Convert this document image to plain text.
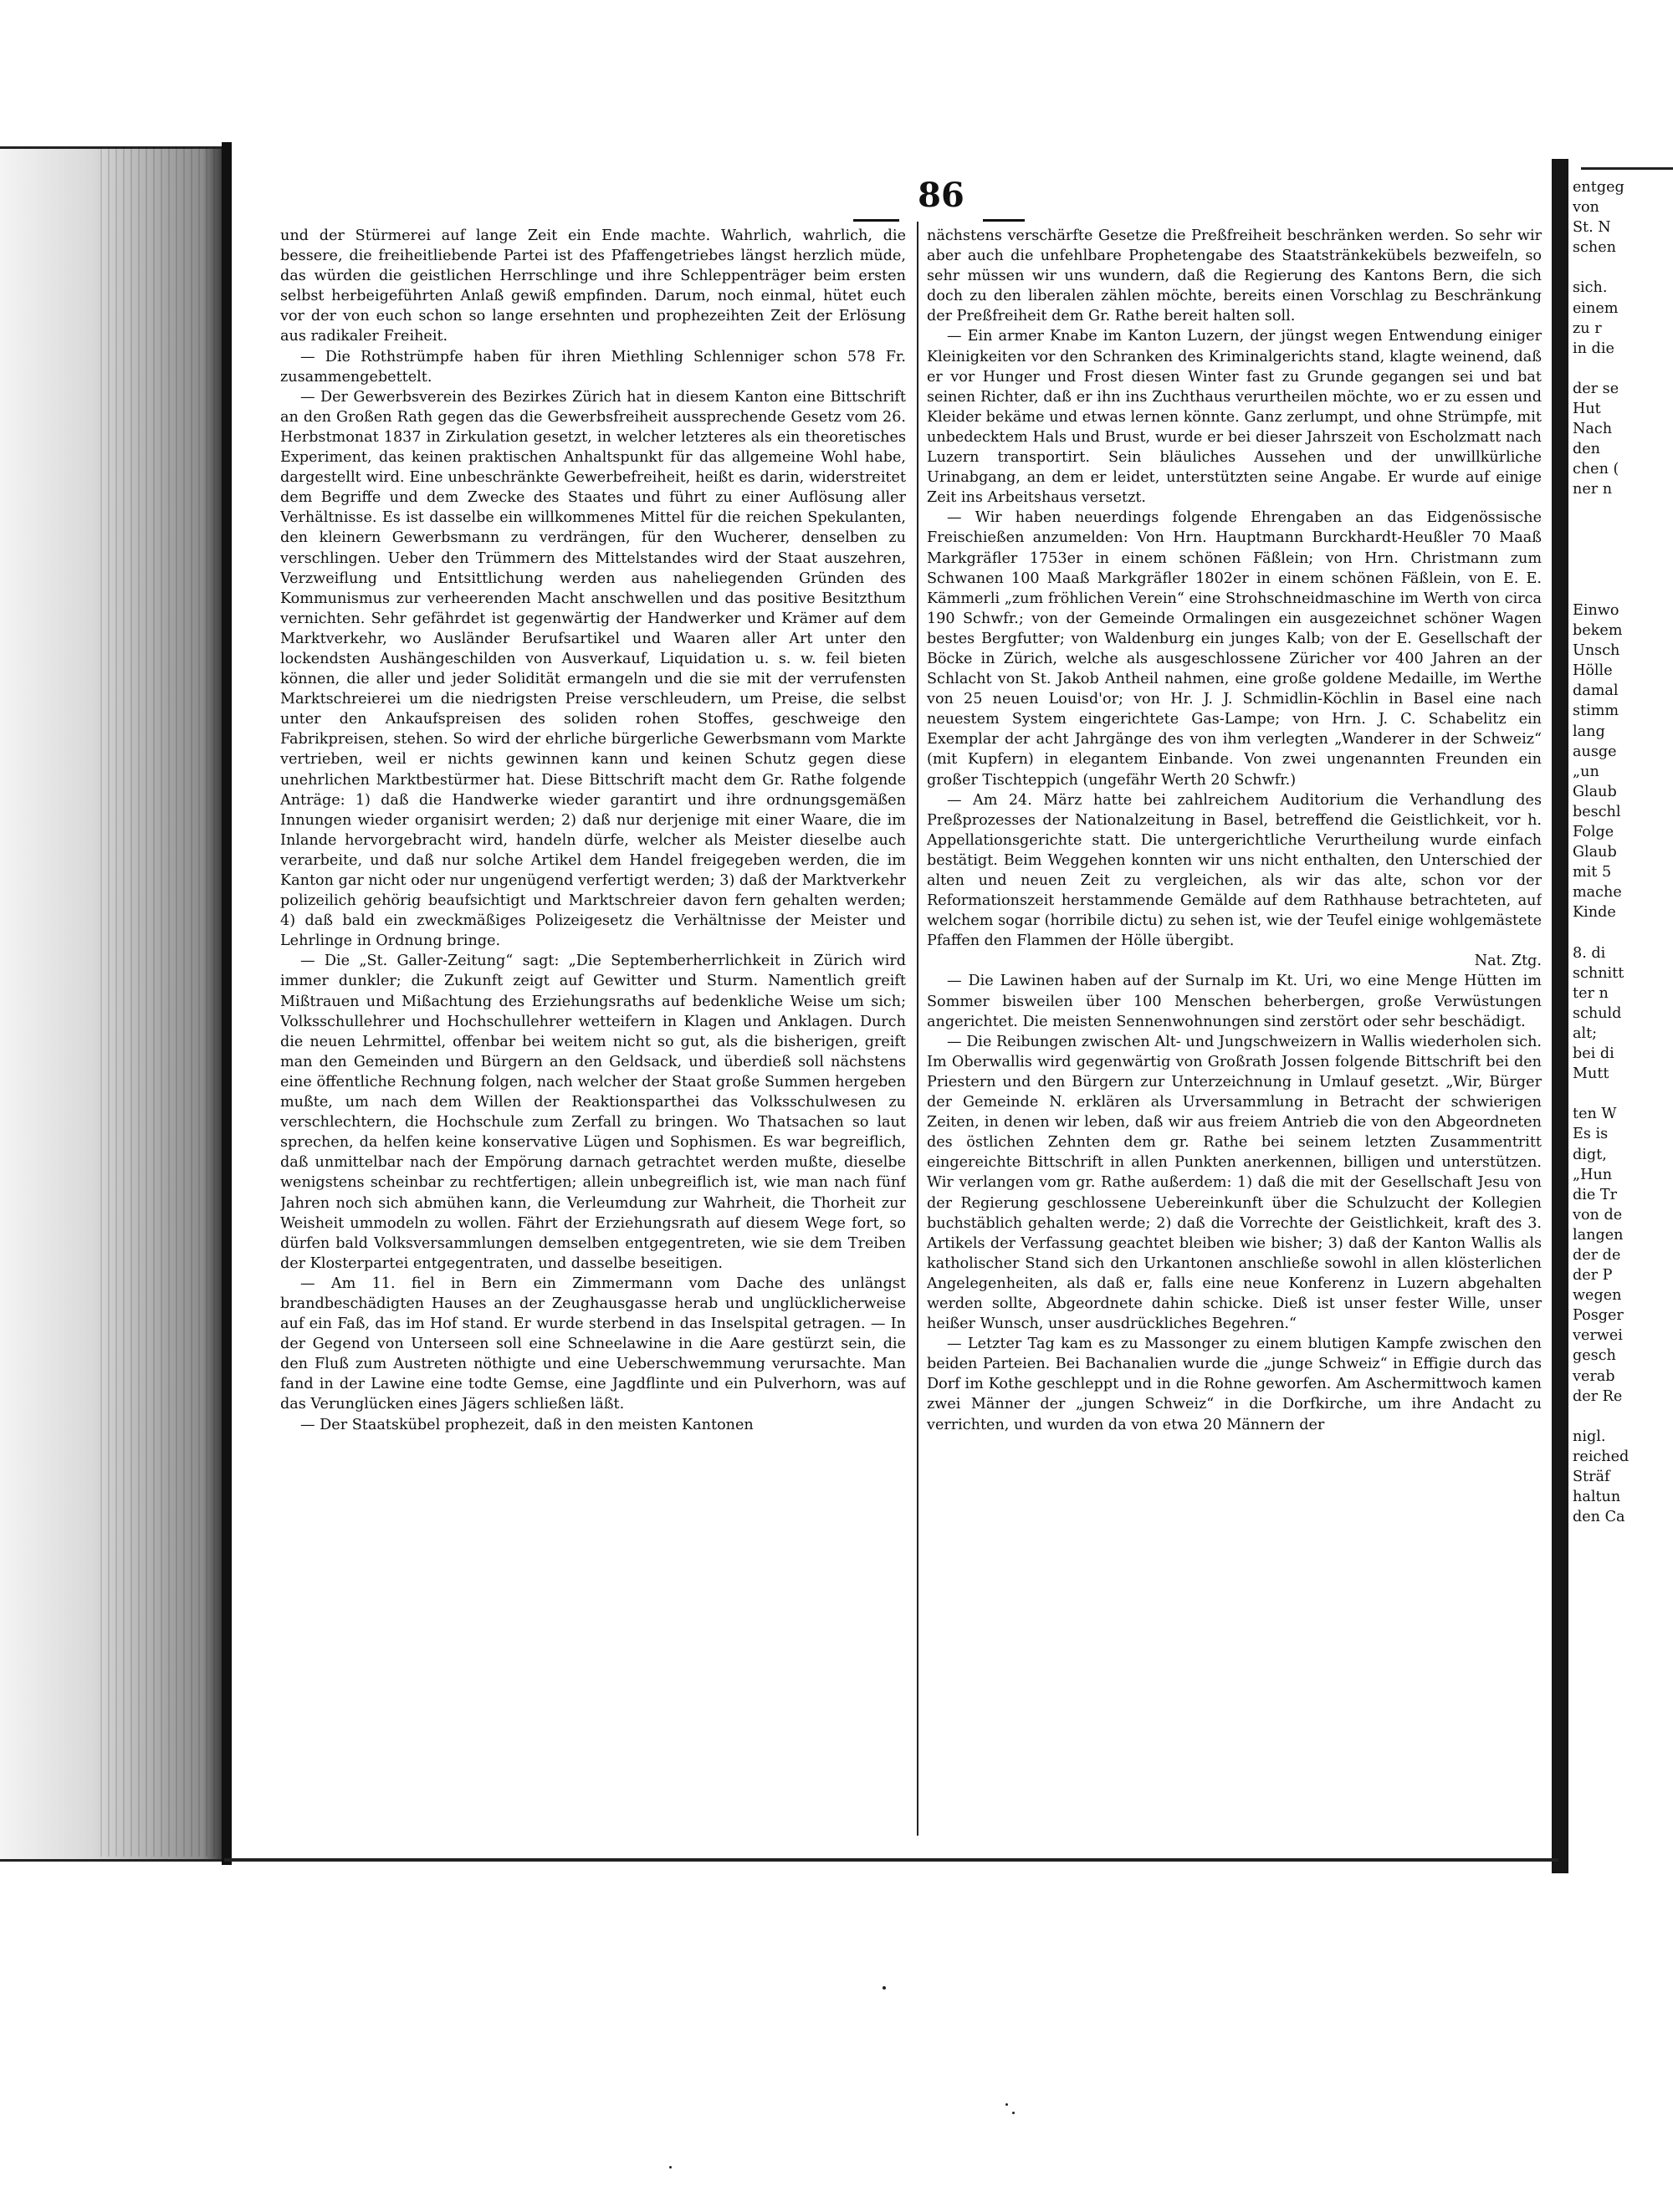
86

und der Stürmerei auf lange Zeit ein Ende machte. Wahrlich, wahrlich, die bessere, die freiheitliebende Partei ist des Pfaffengetriebes längst herzlich müde, das würden die geistlichen Herrschlinge und ihre Schleppenträger beim ersten selbst herbeigeführten Anlaß gewiß empfinden. Darum, noch einmal, hütet euch vor der von euch schon so lange ersehnten und prophezeihten Zeit der Erlösung aus radikaler Freiheit.

— Die Rothstrümpfe haben für ihren Miethling Schlenniger schon 578 Fr. zusammengebettelt.

— Der Gewerbsverein des Bezirkes Zürich hat in diesem Kanton eine Bittschrift an den Großen Rath gegen das die Gewerbsfreiheit aussprechende Gesetz vom 26. Herbstmonat 1837 in Zirkulation gesetzt, in welcher letzteres als ein theoretisches Experiment, das keinen praktischen Anhaltspunkt für das allgemeine Wohl habe, dargestellt wird. Eine unbeschränkte Gewerbefreiheit, heißt es darin, widerstreitet dem Begriffe und dem Zwecke des Staates und führt zu einer Auflösung aller Verhältnisse. Es ist dasselbe ein willkommenes Mittel für die reichen Spekulanten, den kleinern Gewerbsmann zu verdrängen, für den Wucherer, denselben zu verschlingen. Ueber den Trümmern des Mittelstandes wird der Staat auszehren, Verzweiflung und Entsittlichung werden aus naheliegenden Gründen des Kommunismus zur verheerenden Macht anschwellen und das positive Besitzthum vernichten. Sehr gefährdet ist gegenwärtig der Handwerker und Krämer auf dem Marktverkehr, wo Ausländer Berufsartikel und Waaren aller Art unter den lockendsten Aushängeschilden von Ausverkauf, Liquidation u. s. w. feil bieten können, die aller und jeder Solidität ermangeln und die sie mit der verrufensten Marktschreierei um die niedrigsten Preise verschleudern, um Preise, die selbst unter den Ankaufspreisen des soliden rohen Stoffes, geschweige den Fabrikpreisen, stehen. So wird der ehrliche bürgerliche Gewerbsmann vom Markte vertrieben, weil er nichts gewinnen kann und keinen Schutz gegen diese unehrlichen Marktbestürmer hat. Diese Bittschrift macht dem Gr. Rathe folgende Anträge: 1) daß die Handwerke wieder garantirt und ihre ordnungsgemäßen Innungen wieder organisirt werden; 2) daß nur derjenige mit einer Waare, die im Inlande hervorgebracht wird, handeln dürfe, welcher als Meister dieselbe auch verarbeite, und daß nur solche Artikel dem Handel freigegeben werden, die im Kanton gar nicht oder nur ungenügend verfertigt werden; 3) daß der Marktverkehr polizeilich gehörig beaufsichtigt und Marktschreier davon fern gehalten werden; 4) daß bald ein zweckmäßiges Polizeigesetz die Verhältnisse der Meister und Lehrlinge in Ordnung bringe.

— Die „St. Galler-Zeitung“ sagt: „Die Septemberherrlichkeit in Zürich wird immer dunkler; die Zukunft zeigt auf Gewitter und Sturm. Namentlich greift Mißtrauen und Mißachtung des Erziehungsraths auf bedenkliche Weise um sich; Volksschullehrer und Hochschullehrer wetteifern in Klagen und Anklagen. Durch die neuen Lehrmittel, offenbar bei weitem nicht so gut, als die bisherigen, greift man den Gemeinden und Bürgern an den Geldsack, und überdieß soll nächstens eine öffentliche Rechnung folgen, nach welcher der Staat große Summen hergeben mußte, um nach dem Willen der Reaktionsparthei das Volksschulwesen zu verschlechtern, die Hochschule zum Zerfall zu bringen. Wo Thatsachen so laut sprechen, da helfen keine konservative Lügen und Sophismen. Es war begreiflich, daß unmittelbar nach der Empörung darnach getrachtet werden mußte, dieselbe wenigstens scheinbar zu rechtfertigen; allein unbegreiflich ist, wie man nach fünf Jahren noch sich abmühen kann, die Verleumdung zur Wahrheit, die Thorheit zur Weisheit ummodeln zu wollen. Fährt der Erziehungsrath auf diesem Wege fort, so dürfen bald Volksversammlungen demselben entgegentreten, wie sie dem Treiben der Klosterpartei entgegentraten, und dasselbe beseitigen.

— Am 11. fiel in Bern ein Zimmermann vom Dache des unlängst brandbeschädigten Hauses an der Zeughausgasse herab und unglücklicherweise auf ein Faß, das im Hof stand. Er wurde sterbend in das Inselspital getragen. — In der Gegend von Unterseen soll eine Schneelawine in die Aare gestürzt sein, die den Fluß zum Austreten nöthigte und eine Ueberschwemmung verursachte. Man fand in der Lawine eine todte Gemse, eine Jagdflinte und ein Pulverhorn, was auf das Verunglücken eines Jägers schließen läßt.

— Der Staatskübel prophezeit, daß in den meisten Kantonen

nächstens verschärfte Gesetze die Preßfreiheit beschränken werden. So sehr wir aber auch die unfehlbare Prophetengabe des Staatstränkekübels bezweifeln, so sehr müssen wir uns wundern, daß die Regierung des Kantons Bern, die sich doch zu den liberalen zählen möchte, bereits einen Vorschlag zu Beschränkung der Preßfreiheit dem Gr. Rathe bereit halten soll.

— Ein armer Knabe im Kanton Luzern, der jüngst wegen Entwendung einiger Kleinigkeiten vor den Schranken des Kriminalgerichts stand, klagte weinend, daß er vor Hunger und Frost diesen Winter fast zu Grunde gegangen sei und bat seinen Richter, daß er ihn ins Zuchthaus verurtheilen möchte, wo er zu essen und Kleider bekäme und etwas lernen könnte. Ganz zerlumpt, und ohne Strümpfe, mit unbedecktem Hals und Brust, wurde er bei dieser Jahrszeit von Escholzmatt nach Luzern transportirt. Sein bläuliches Aussehen und der unwillkürliche Urinabgang, an dem er leidet, unterstützten seine Angabe. Er wurde auf einige Zeit ins Arbeitshaus versetzt.

— Wir haben neuerdings folgende Ehrengaben an das Eidgenössische Freischießen anzumelden: Von Hrn. Hauptmann Burckhardt-Heußler 70 Maaß Markgräfler 1753er in einem schönen Fäßlein; von Hrn. Christmann zum Schwanen 100 Maaß Markgräfler 1802er in einem schönen Fäßlein, von E. E. Kämmerli „zum fröhlichen Verein“ eine Strohschneidmaschine im Werth von circa 190 Schwfr.; von der Gemeinde Ormalingen ein ausgezeichnet schöner Wagen bestes Bergfutter; von Waldenburg ein junges Kalb; von der E. Gesellschaft der Böcke in Zürich, welche als ausgeschlossene Züricher vor 400 Jahren an der Schlacht von St. Jakob Antheil nahmen, eine große goldene Medaille, im Werthe von 25 neuen Louisd'or; von Hr. J. J. Schmidlin-Köchlin in Basel eine nach neuestem System eingerichtete Gas-Lampe; von Hrn. J. C. Schabelitz ein Exemplar der acht Jahrgänge des von ihm verlegten „Wanderer in der Schweiz“ (mit Kupfern) in elegantem Einbande. Von zwei ungenannten Freunden ein großer Tischteppich (ungefähr Werth 20 Schwfr.)

— Am 24. März hatte bei zahlreichem Auditorium die Verhandlung des Preßprozesses der Nationalzeitung in Basel, betreffend die Geistlichkeit, vor h. Appellationsgerichte statt. Die untergerichtliche Verurtheilung wurde einfach bestätigt. Beim Weggehen konnten wir uns nicht enthalten, den Unterschied der alten und neuen Zeit zu vergleichen, als wir das alte, schon vor der Reformationszeit herstammende Gemälde auf dem Rathhause betrachteten, auf welchem sogar (horribile dictu) zu sehen ist, wie der Teufel einige wohlgemästete Pfaffen den Flammen der Hölle übergibt.

Nat. Ztg.

— Die Lawinen haben auf der Surnalp im Kt. Uri, wo eine Menge Hütten im Sommer bisweilen über 100 Menschen beherbergen, große Verwüstungen angerichtet. Die meisten Sennenwohnungen sind zerstört oder sehr beschädigt.

— Die Reibungen zwischen Alt- und Jungschweizern in Wallis wiederholen sich. Im Oberwallis wird gegenwärtig von Großrath Jossen folgende Bittschrift bei den Priestern und den Bürgern zur Unterzeichnung in Umlauf gesetzt. „Wir, Bürger der Gemeinde N. erklären als Urversammlung in Betracht der schwierigen Zeiten, in denen wir leben, daß wir aus freiem Antrieb die von den Abgeordneten des östlichen Zehnten dem gr. Rathe bei seinem letzten Zusammentritt eingereichte Bittschrift in allen Punkten anerkennen, billigen und unterstützen. Wir verlangen vom gr. Rathe außerdem: 1) daß die mit der Gesellschaft Jesu von der Regierung geschlossene Uebereinkunft über die Schulzucht der Kollegien buchstäblich gehalten werde; 2) daß die Vorrechte der Geistlichkeit, kraft des 3. Artikels der Verfassung geachtet bleiben wie bisher; 3) daß der Kanton Wallis als katholischer Stand sich den Urkantonen anschließe sowohl in allen klösterlichen Angelegenheiten, als daß er, falls eine neue Konferenz in Luzern abgehalten werden sollte, Abgeordnete dahin schicke. Dieß ist unser fester Wille, unser heißer Wunsch, unser ausdrückliches Begehren.“

— Letzter Tag kam es zu Massonger zu einem blutigen Kampfe zwischen den beiden Parteien. Bei Bachanalien wurde die „junge Schweiz“ in Effigie durch das Dorf im Kothe geschleppt und in die Rohne geworfen. Am Aschermittwoch kamen zwei Männer der „jungen Schweiz“ in die Dorfkirche, um ihre Andacht zu verrichten, und wurden da von etwa 20 Männern der

entgeg
von
St. N
schen
sich.
einem
zu r
in die
der se
Hut
Nach
den
chen (
ner n
Einwo
bekem
Unsch
Hölle
damal
stimm
lang
ausge
„un
Glaub
beschl
Folge
Glaub
mit 5
mache
Kinde
8. di
schnitt
ter n
schuld
alt;
bei di
Mutt
ten W
Es is
digt,
„Hun
die Tr
von de
langen
der de
der P
wegen
Posger
verwei
gesch
verab
der Re
nigl.
reiched
Sträf
haltun
den Ca
